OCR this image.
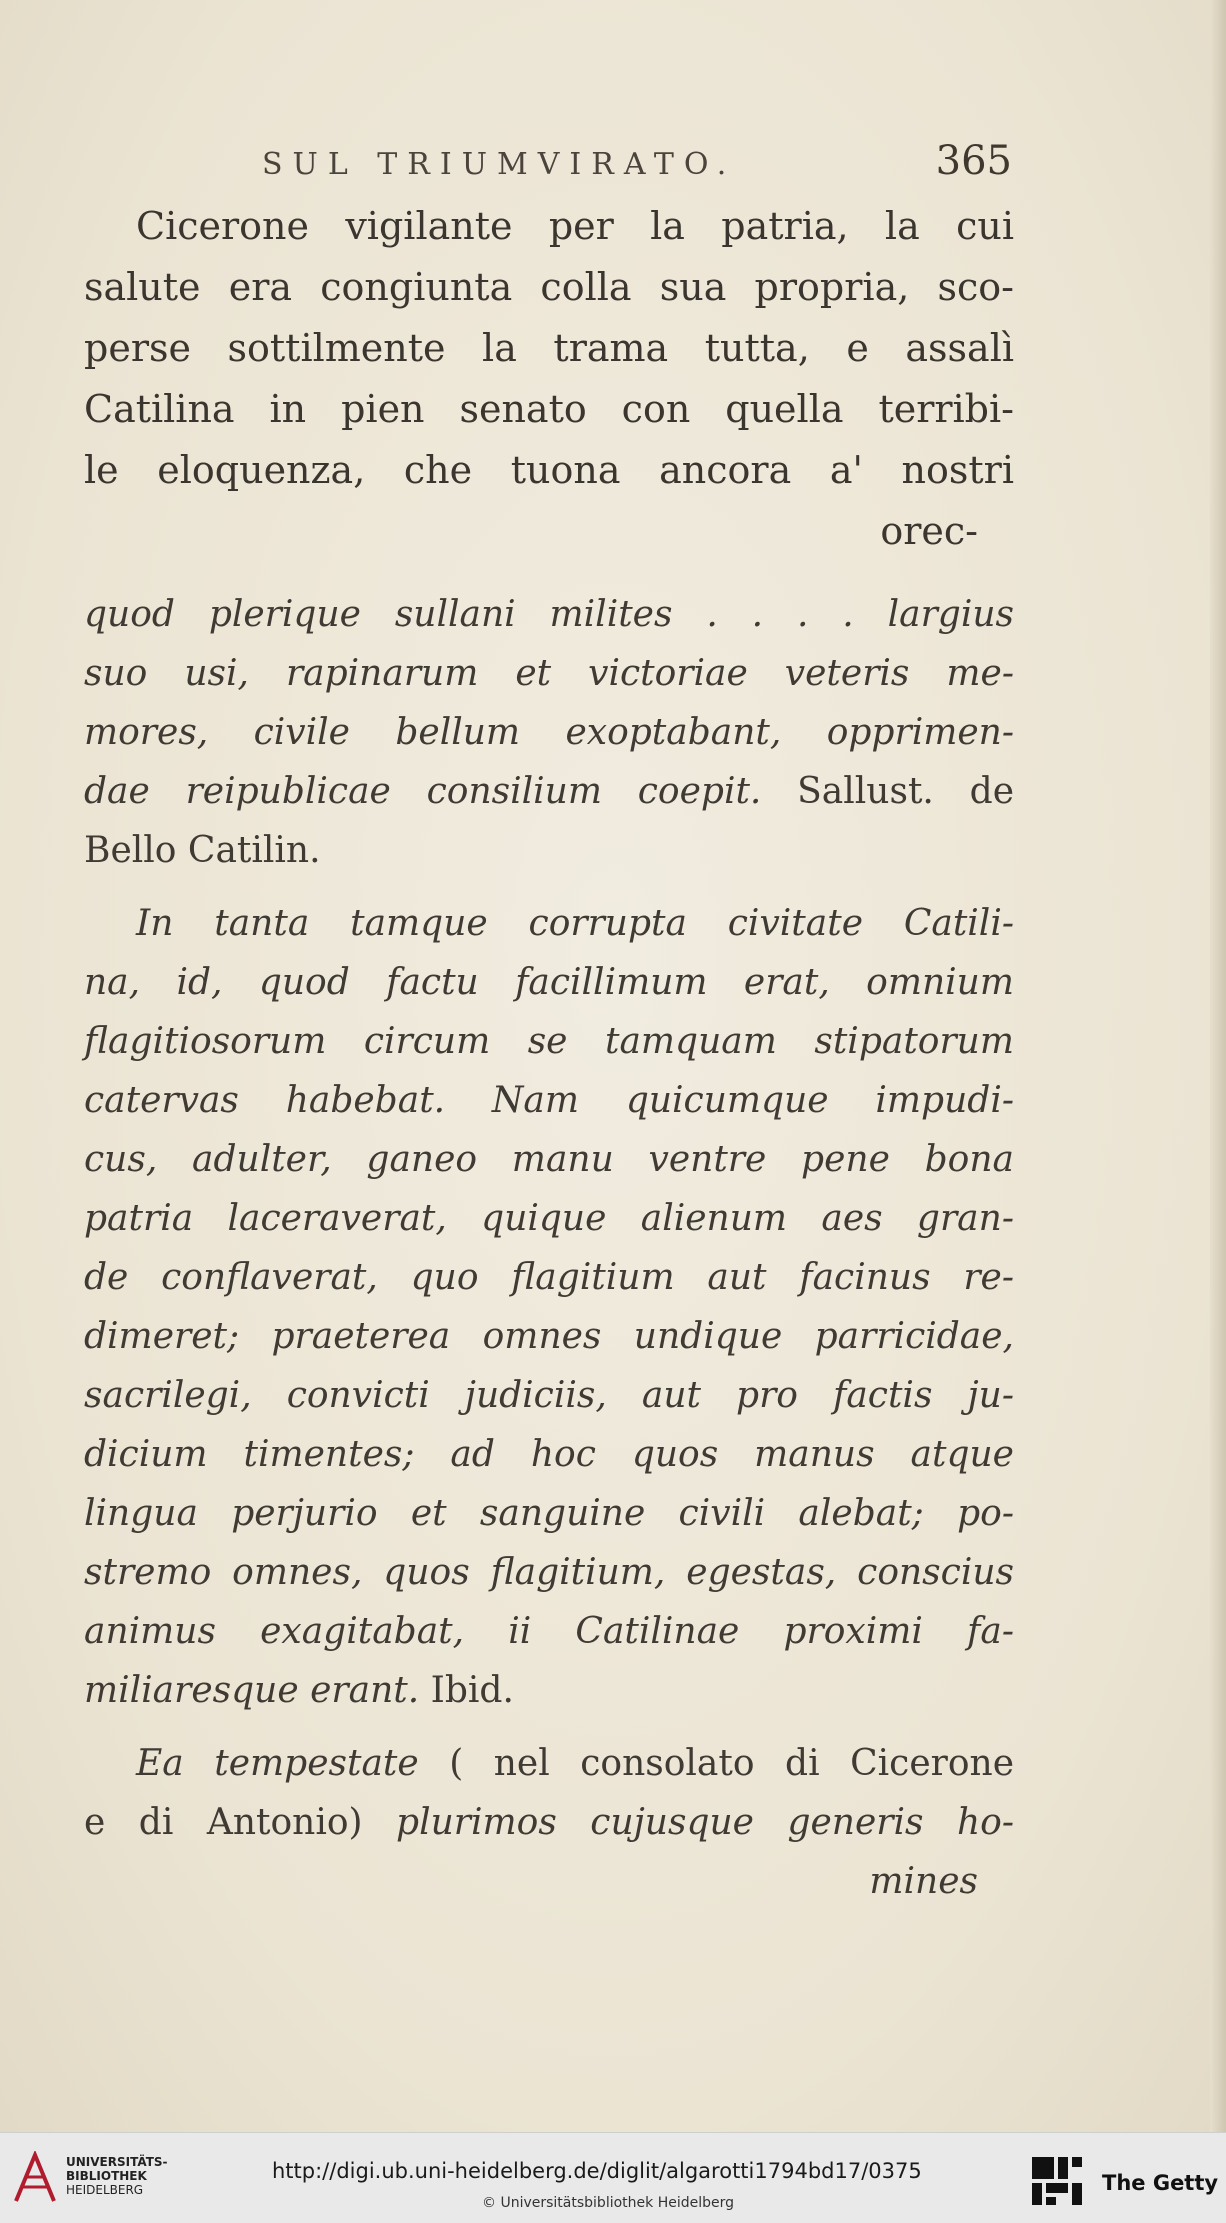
SUL TRIUMVIRATO.	365
Cicerone vigilante per la patria, la cui
salute era congiunta colla sua propria, sco-
perse sottilmente la trama tutta, e assalì
Catilina in pien senato con quella terribi-
le eloquenza, che tuona ancora a' nostri
orec-
quod plerique sullani milites . . . . largius
suo usi, rapinarum et victoriae veteris me-
mores, civile bellum exoptabant, opprimen-
dae reipublicae consilium coepit. Sallust. de
Bello Catilin.
In tanta tamque corrupta civitate Catili-
na, id, quod factu facillimum erat, omnium
flagitiosorum circum se tamquam stipatorum
catervas habebat. Nam quicumque impudi-
cus, adulter, ganeo manu ventre pene bona
patria laceraverat, quique alienum aes gran-
de conflaverat, quo flagitium aut facinus re-
dimeret; praeterea omnes undique parricidae,
sacrilegi, convicti judiciis, aut pro factis ju-
dicium timentes; ad hoc quos manus atque
lingua perjurio et sanguine civili alebat; po-
stremo omnes, quos flagitium, egestas, conscius
animus exagitabat, ii Catilinae proximi fa-
miliaresque erant. Ibid.
Ea tempestate ( nel consolato di Cicerone
e di Antonio) plurimos cujusque generis ho-
mines
UNIVERSITÄTS-
BIBLIOTHEK
HEIDELBERG
http://digi.ub.uni-heidelberg.de/diglit/algarotti1794bd17/0375
© Universitätsbibliothek Heidelberg
The Getty
